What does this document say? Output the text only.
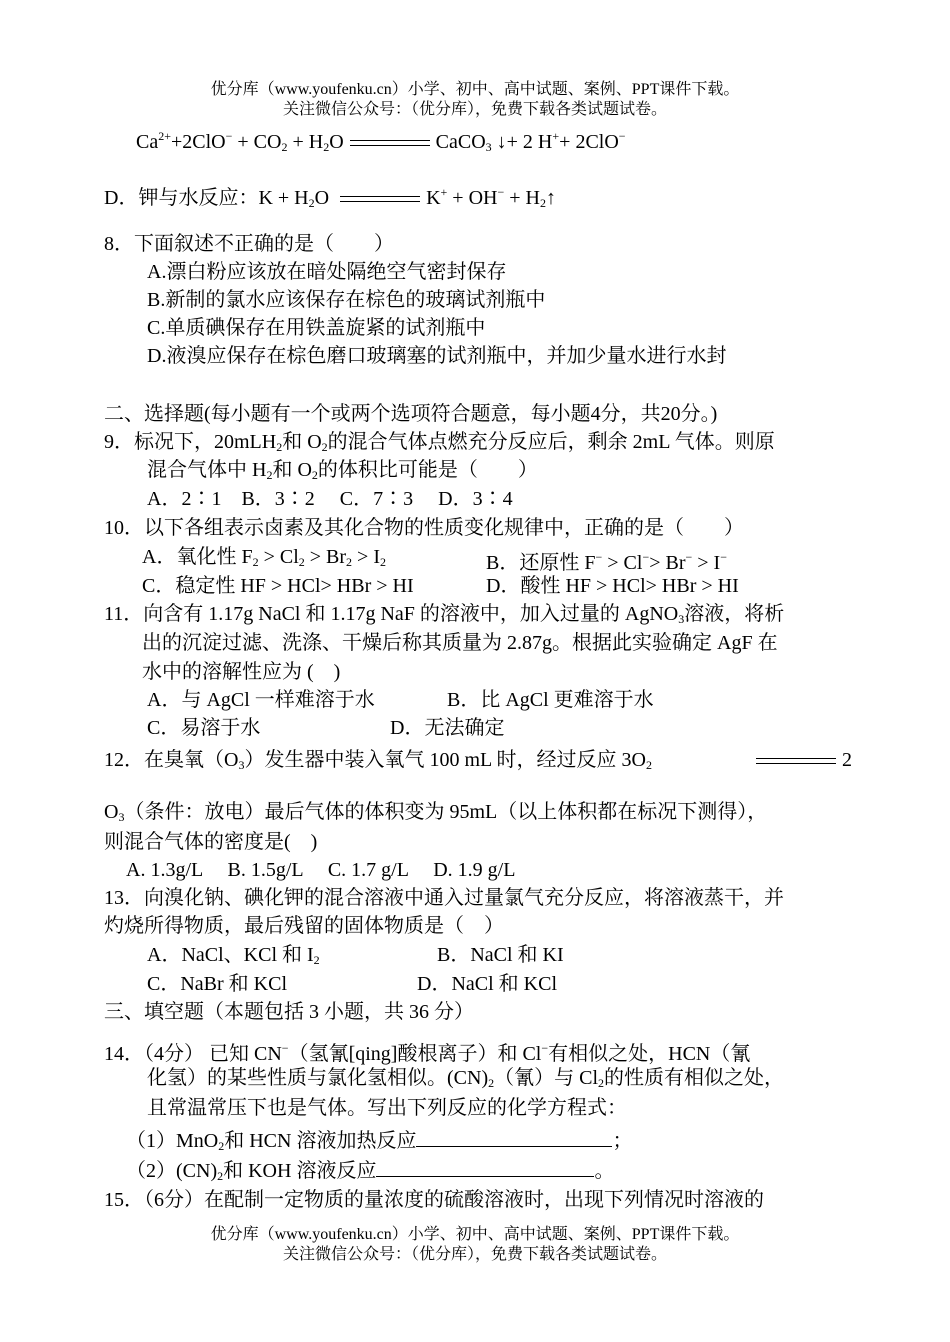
优分库（www.youfenku.cn）小学、初中、高中试题、案例、PPT课件下载。
关注微信公众号：（优分库），免费下载各类试题试卷。
$Ca^{2+}+2ClO^- + CO_2 + H_2O$	CaCO$_3$ ↓+ 2 H++ 2ClO−
D．钾与水反应：$K + H_2O$	$K^+ + OH^- + H_2↑$
8．下面叙述不正确的是（　　）
A.漂白粉应该放在暗处隔绝空气密封保存
B.新制的氯水应该保存在棕色的玻璃试剂瓶中
C.单质碘保存在用铁盖旋紧的试剂瓶中
D.液溴应保存在棕色磨口玻璃塞的试剂瓶中，并加少量水进行水封
二、选择题(每小题有一个或两个选项符合题意，每小题4分，共20分。)
9．标况下，20mLH$_2$和 $O_2$的混合气体点燃充分反应后，剩余 2mL 气体。则原
混合气体中 $H_2$和 $O_2$的体积比可能是（　　）
A．2∶1　B．3∶2　 C．7∶3　 D．3∶4
10．以下各组表示卤素及其化合物的性质变化规律中，正确的是（　　）
A．氧化性 $F_2 > Cl_2 > Br_2 > I_2$	B．还原性 F− > Cl−> Br− > I−
C．稳定性 HF > HCl> HBr > HI	D．酸性 HF > HCl> HBr > HI
11．向含有 1.17g NaCl 和 1.17g NaF 的溶液中，加入过量的 AgNO$_3$溶液，将析
出的沉淀过滤、洗涤、干燥后称其质量为 2.87g。根据此实验确定 AgF 在
水中的溶解性应为 (　)
A．与 AgCl 一样难溶于水	B．比 AgCl 更难溶于水
C．易溶于水	D．无法确定
12．在臭氧$(O_3)$发生器中装入氧气 100 mL 时，经过反应 $3O_2$	2
$O_3$（条件：放电）最后气体的体积变为 95mL（以上体积都在标况下测得），
则混合气体的密度是(　)
A. 1.3g/L　 B. 1.5g/L　 C. 1.7 g/L　 D. 1.9 g/L
13．向溴化钠、碘化钾的混合溶液中通入过量氯气充分反应，将溶液蒸干，并
灼烧所得物质，最后残留的固体物质是（　）
A．NaCl、KCl 和 $I_2$	B．NaCl 和 KI
C．NaBr 和 KCl	D．NaCl 和 KCl
三、填空题（本题包括 3 小题，共 36 分）
14．（4分） 已知 CN−（氢氰[qing]酸根离子）和 Cl−有相似之处，HCN（氰
化氢）的某些性质与氯化氢相似。$(CN)_2$（氰）与 $Cl_2$的性质有相似之处，
且常温常压下也是气体。写出下列反应的化学方程式：
（1）MnO$_2$和 HCN 溶液加热反应	；
$(2)(CN)_2$和 KOH 溶液反应	。
15．（6分）在配制一定物质的量浓度的硫酸溶液时，出现下列情况时溶液的
优分库（www.youfenku.cn）小学、初中、高中试题、案例、PPT课件下载。
关注微信公众号：（优分库），免费下载各类试题试卷。
